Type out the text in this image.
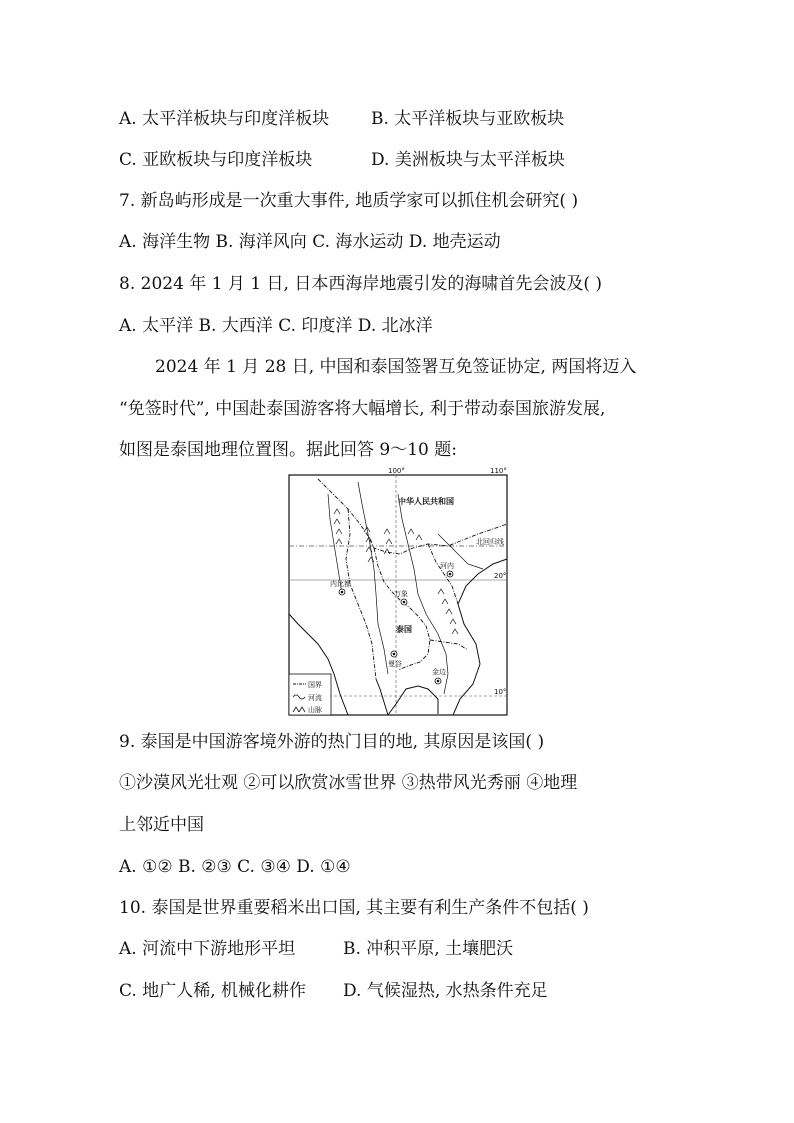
A. 太平洋板块与印度洋板块 B. 太平洋板块与亚欧板块
C. 亚欧板块与印度洋板块	D. 美洲板块与太平洋板块
7. 新岛屿形成是一次重大事件, 地质学家可以抓住机会研究( )
A. 海洋生物 B. 海洋风向 C. 海水运动 D. 地壳运动
8. 2024 年 1 月 1 日, 日本西海岸地震引发的海啸首先会波及( )
A. 太平洋 B. 大西洋 C. 印度洋 D. 北冰洋
2024 年 1 月 28 日, 中国和泰国签署互免签证协定, 两国将迈入
“免签时代”, 中国赴泰国游客将大幅增长, 利于带动泰国旅游发展,
如图是泰国地理位置图。据此回答 9～10 题:
100°	110°
中华人民共和国
北回归线
20°
10°
内比都
河内
万象
泰国
曼谷
金边
国界
河流
山脉
9. 泰国是中国游客境外游的热门目的地, 其原因是该国( )
①沙漠风光壮观 ②可以欣赏冰雪世界 ③热带风光秀丽 ④地理
上邻近中国
A. ①② B. ②③ C. ③④ D. ①④
10. 泰国是世界重要稻米出口国, 其主要有利生产条件不包括( )
A. 河流中下游地形平坦	B. 冲积平原, 土壤肥沃
C. 地广人稀, 机械化耕作 D. 气候湿热, 水热条件充足
